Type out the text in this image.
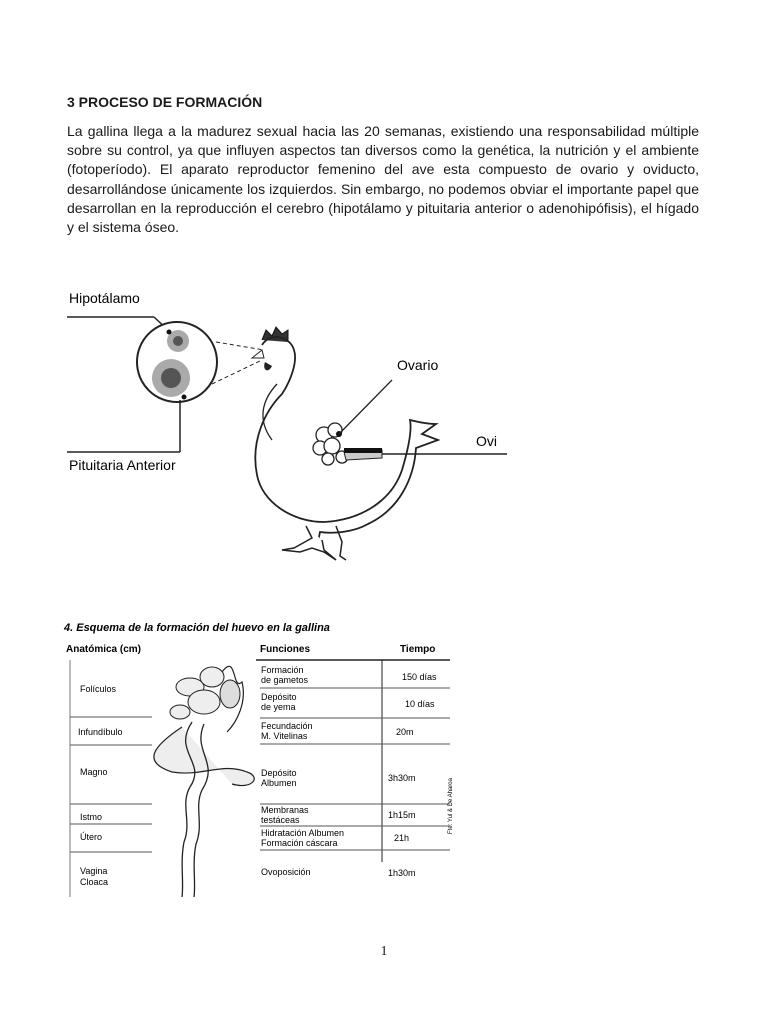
3 PROCESO DE FORMACIÓN
La gallina llega a la madurez sexual hacia las 20 semanas, existiendo una responsabilidad múltiple sobre su control, ya que influyen aspectos tan diversos como la genética, la nutrición y el ambiente (fotoperíodo). El aparato reproductor femenino del ave esta compuesto de ovario y oviducto, desarrollándose únicamente los izquierdos. Sin embargo, no podemos obviar el importante papel que desarrollan en la reproducción el cerebro (hipotálamo y pituitaria anterior o adenohipófisis), el hígado y el sistema óseo.
Hipotálamo
Pituitaria Anterior
Ovario
Ovi
4. Esquema de la formación del huevo en la gallina
Anatómica (cm)	Funciones	Tiempo
Folículos
Infundíbulo
Magno
Istmo
Útero
Vagina
Cloaca
Formación
de gametos
Depósito
de yema
Fecundación
M. Vitelinas
Depósito
Albumen
Membranas
testáceas
Hidratación Albumen
Formación cáscara
Ovoposición
150 días
10 días
20m
3h30m
1h15m
21h
1h30m
Fte: Yul & De Aharoa
1
